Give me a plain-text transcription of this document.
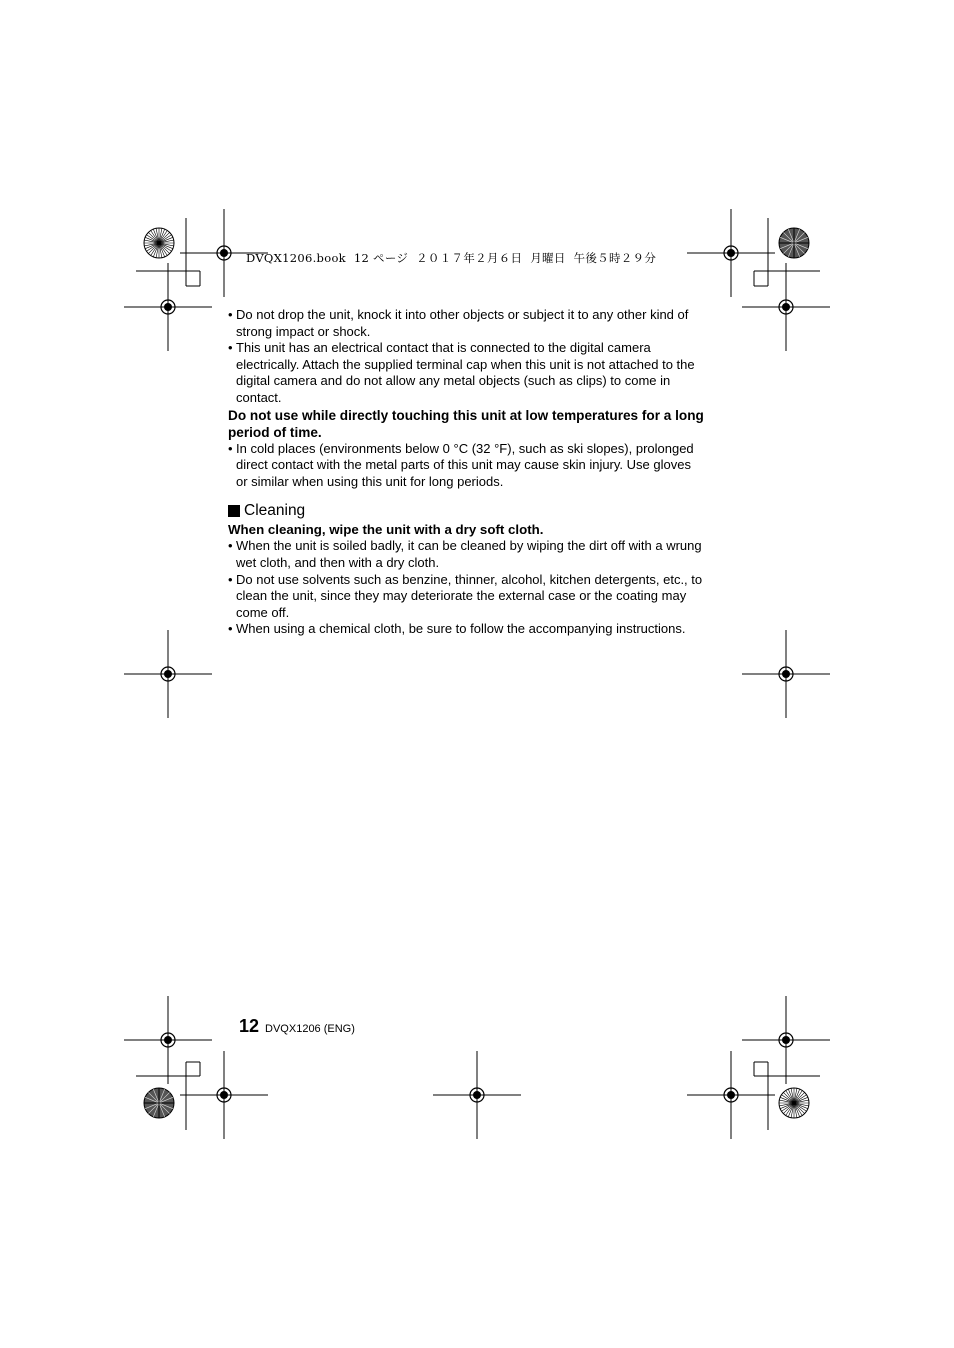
DVQX1206.book  12 ページ  ２０１７年２月６日  月曜日  午後５時２９分

• Do not drop the unit, knock it into other objects or subject it to any other kind of strong impact or shock.

• This unit has an electrical contact that is connected to the digital camera electrically. Attach the supplied terminal cap when this unit is not attached to the digital camera and do not allow any metal objects (such as clips) to come in contact.

Do not use while directly touching this unit at low temperatures for a long period of time.

• In cold places (environments below 0 °C (32 °F), such as ski slopes), prolonged direct contact with the metal parts of this unit may cause skin injury. Use gloves or similar when using this unit for long periods.

Cleaning

When cleaning, wipe the unit with a dry soft cloth.

• When the unit is soiled badly, it can be cleaned by wiping the dirt off with a wrung wet cloth, and then with a dry cloth.

• Do not use solvents such as benzine, thinner, alcohol, kitchen detergents, etc., to clean the unit, since they may deteriorate the external case or the coating may come off.

• When using a chemical cloth, be sure to follow the accompanying instructions.

12 DVQX1206 (ENG)
